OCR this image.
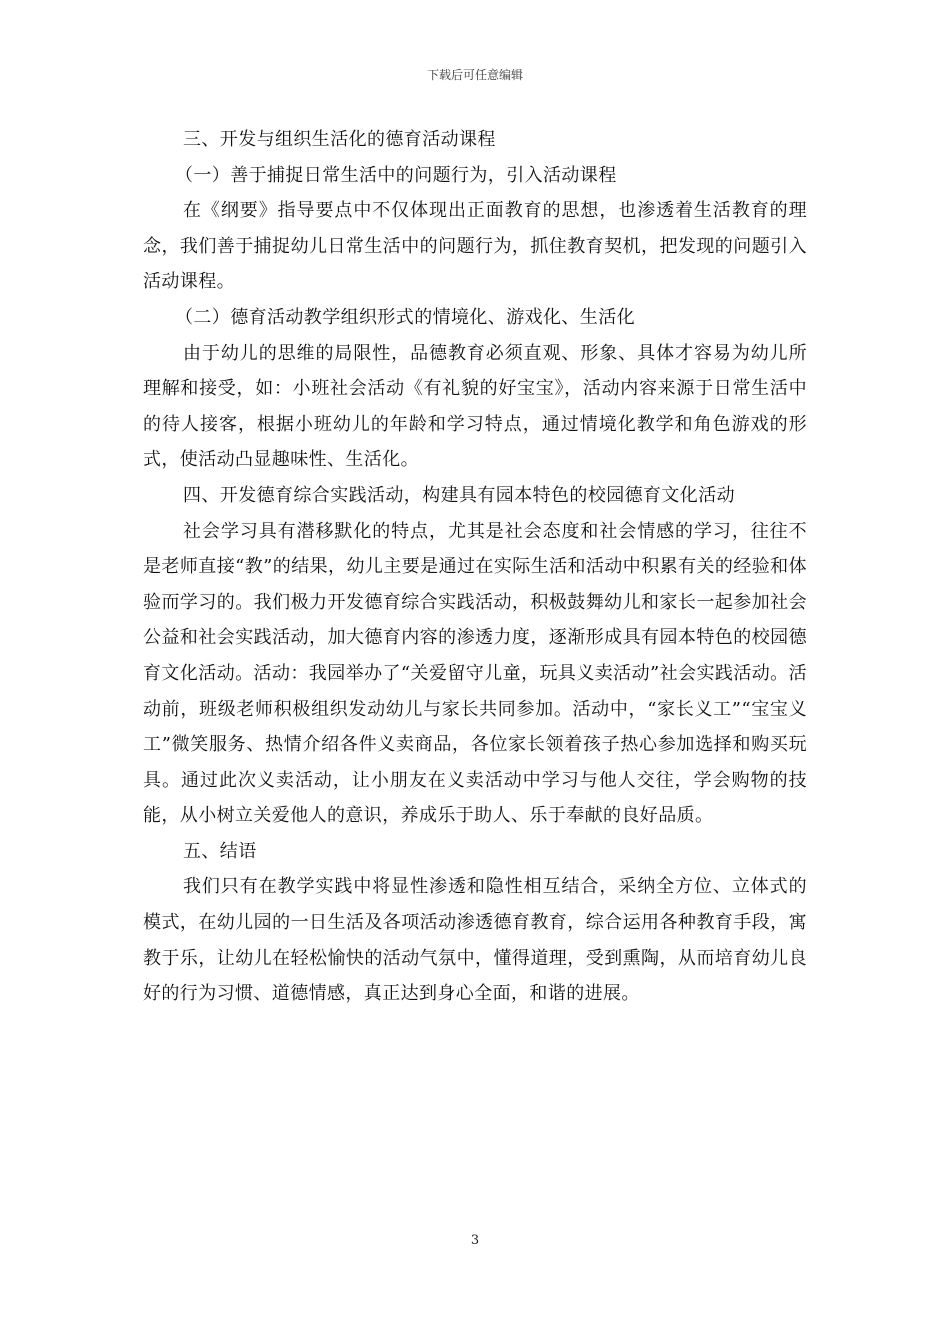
下载后可任意编辑

三、开发与组织生活化的德育活动课程

（一）善于捕捉日常生活中的问题行为，引入活动课程

在《纲要》指导要点中不仅体现出正面教育的思想，也渗透着生活教育的理念，我们善于捕捉幼儿日常生活中的问题行为，抓住教育契机，把发现的问题引入活动课程。

（二）德育活动教学组织形式的情境化、游戏化、生活化

由于幼儿的思维的局限性，品德教育必须直观、形象、具体才容易为幼儿所理解和接受，如：小班社会活动《有礼貌的好宝宝》，活动内容来源于日常生活中的待人接客，根据小班幼儿的年龄和学习特点，通过情境化教学和角色游戏的形式，使活动凸显趣味性、生活化。

四、开发德育综合实践活动，构建具有园本特色的校园德育文化活动

社会学习具有潜移默化的特点，尤其是社会态度和社会情感的学习，往往不是老师直接“教”的结果，幼儿主要是通过在实际生活和活动中积累有关的经验和体验而学习的。我们极力开发德育综合实践活动，积极鼓舞幼儿和家长一起参加社会公益和社会实践活动，加大德育内容的渗透力度，逐渐形成具有园本特色的校园德育文化活动。活动：我园举办了“关爱留守儿童，玩具义卖活动”社会实践活动。活动前，班级老师积极组织发动幼儿与家长共同参加。活动中，“家长义工”“宝宝义工”微笑服务、热情介绍各件义卖商品，各位家长领着孩子热心参加选择和购买玩具。通过此次义卖活动，让小朋友在义卖活动中学习与他人交往，学会购物的技能，从小树立关爱他人的意识，养成乐于助人、乐于奉献的良好品质。

五、结语

我们只有在教学实践中将显性渗透和隐性相互结合，采纳全方位、立体式的模式，在幼儿园的一日生活及各项活动渗透德育教育，综合运用各种教育手段，寓教于乐，让幼儿在轻松愉快的活动气氛中，懂得道理，受到熏陶，从而培育幼儿良好的行为习惯、道德情感，真正达到身心全面，和谐的进展。

3
